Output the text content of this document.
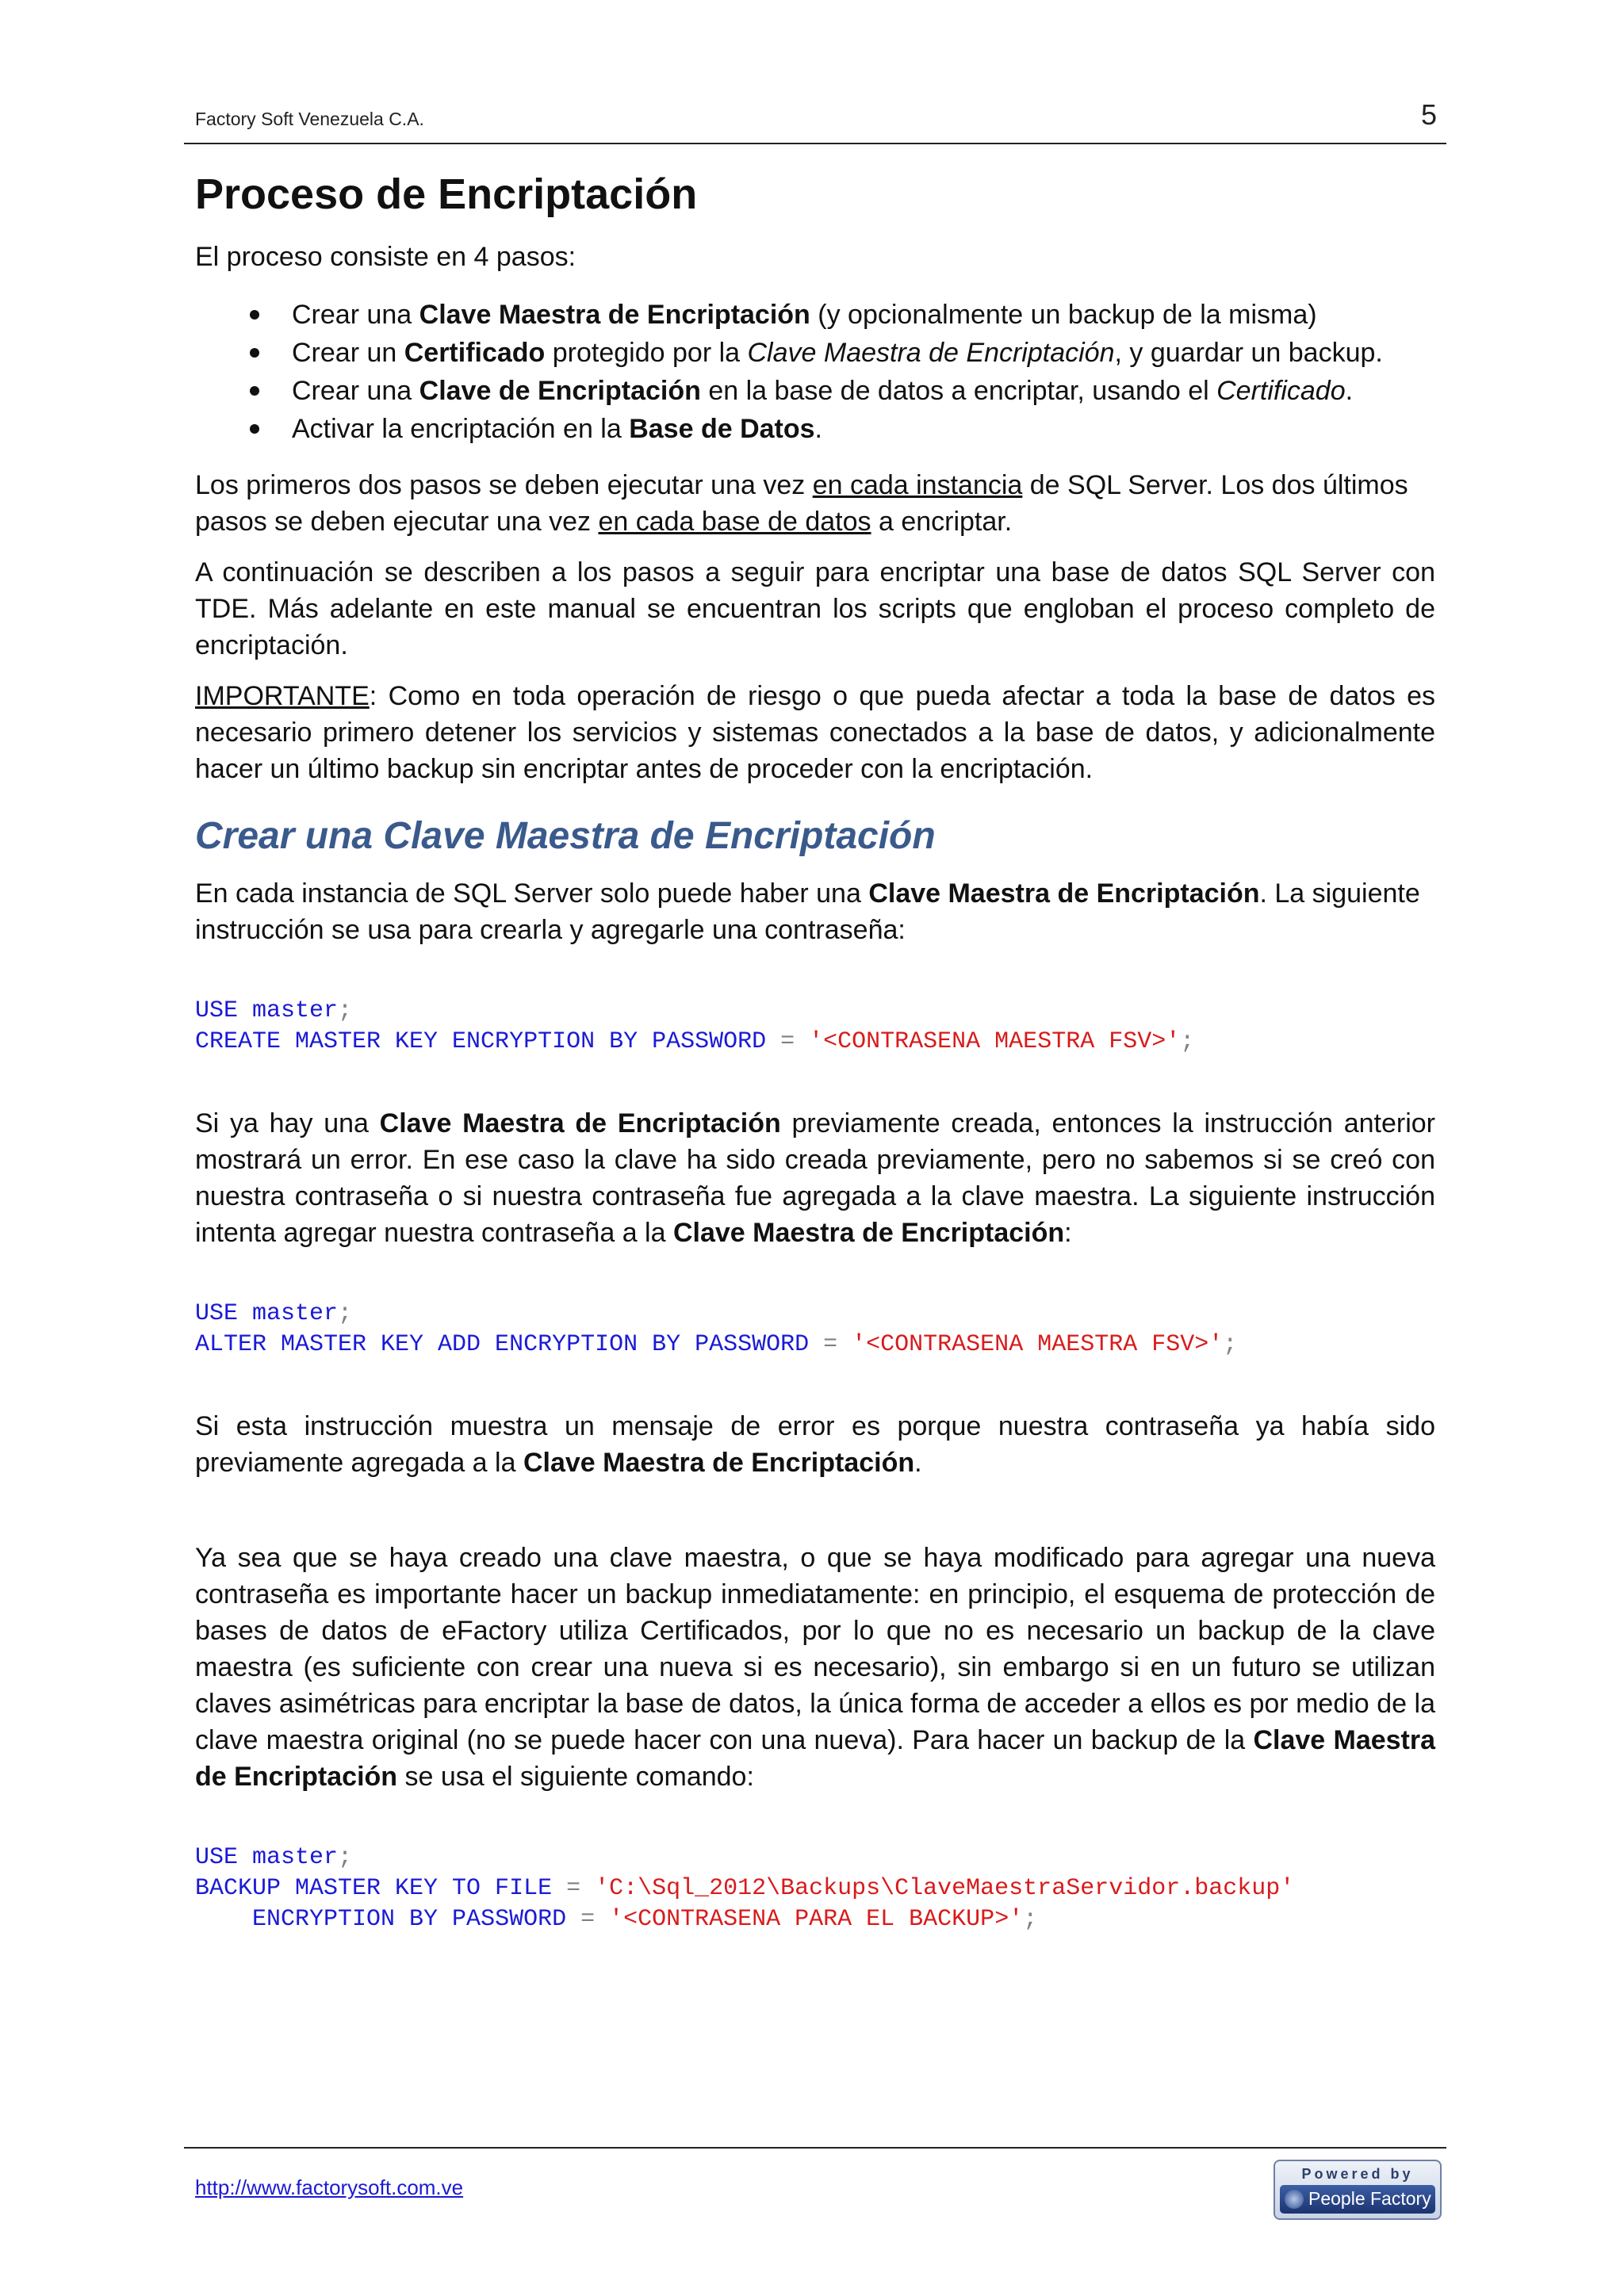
Factory Soft Venezuela C.A.	5
Proceso de Encriptación

El proceso consiste en 4 pasos:

Crear una Clave Maestra de Encriptación (y opcionalmente un backup de la misma)
Crear un Certificado protegido por la Clave Maestra de Encriptación, y guardar un backup.
Crear una Clave de Encriptación en la base de datos a encriptar, usando el Certificado.
Activar la encriptación en la Base de Datos.

Los primeros dos pasos se deben ejecutar una vez en cada instancia de SQL Server. Los dos últimos pasos se deben ejecutar una vez en cada base de datos a encriptar.

A continuación se describen a los pasos a seguir para encriptar una base de datos SQL Server con TDE. Más adelante en este manual se encuentran los scripts que engloban el proceso completo de encriptación.

IMPORTANTE: Como en toda operación de riesgo o que pueda afectar a toda la base de datos es necesario primero detener los servicios y sistemas conectados a la base de datos, y adicionalmente hacer un último backup sin encriptar antes de proceder con la encriptación.

Crear una Clave Maestra de Encriptación

En cada instancia de SQL Server solo puede haber una Clave Maestra de Encriptación. La siguiente instrucción se usa para crearla y agregarle una contraseña:

USE master;
CREATE MASTER KEY ENCRYPTION BY PASSWORD = '<CONTRASENA MAESTRA FSV>';

Si ya hay una Clave Maestra de Encriptación previamente creada, entonces la instrucción anterior mostrará un error. En ese caso la clave ha sido creada previamente, pero no sabemos si se creó con nuestra contraseña o si nuestra contraseña fue agregada a la clave maestra. La siguiente instrucción intenta agregar nuestra contraseña a la Clave Maestra de Encriptación:

USE master;
ALTER MASTER KEY ADD ENCRYPTION BY PASSWORD = '<CONTRASENA MAESTRA FSV>';

Si esta instrucción muestra un mensaje de error es porque nuestra contraseña ya había sido previamente agregada a la Clave Maestra de Encriptación.

Ya sea que se haya creado una clave maestra, o que se haya modificado para agregar una nueva contraseña es importante hacer un backup inmediatamente: en principio, el esquema de protección de bases de datos de eFactory utiliza Certificados, por lo que no es necesario un backup de la clave maestra (es suficiente con crear una nueva si es necesario), sin embargo si en un futuro se utilizan claves asimétricas para encriptar la base de datos, la única forma de acceder a ellos es por medio de la clave maestra original (no se puede hacer con una nueva). Para hacer un backup de la Clave Maestra de Encriptación se usa el siguiente comando:

USE master;
BACKUP MASTER KEY TO FILE = 'C:\Sql_2012\Backups\ClaveMaestraServidor.backup'
ENCRYPTION BY PASSWORD = '<CONTRASENA PARA EL BACKUP>';
http://www.factorysoft.com.ve
Powered by
People Factory
